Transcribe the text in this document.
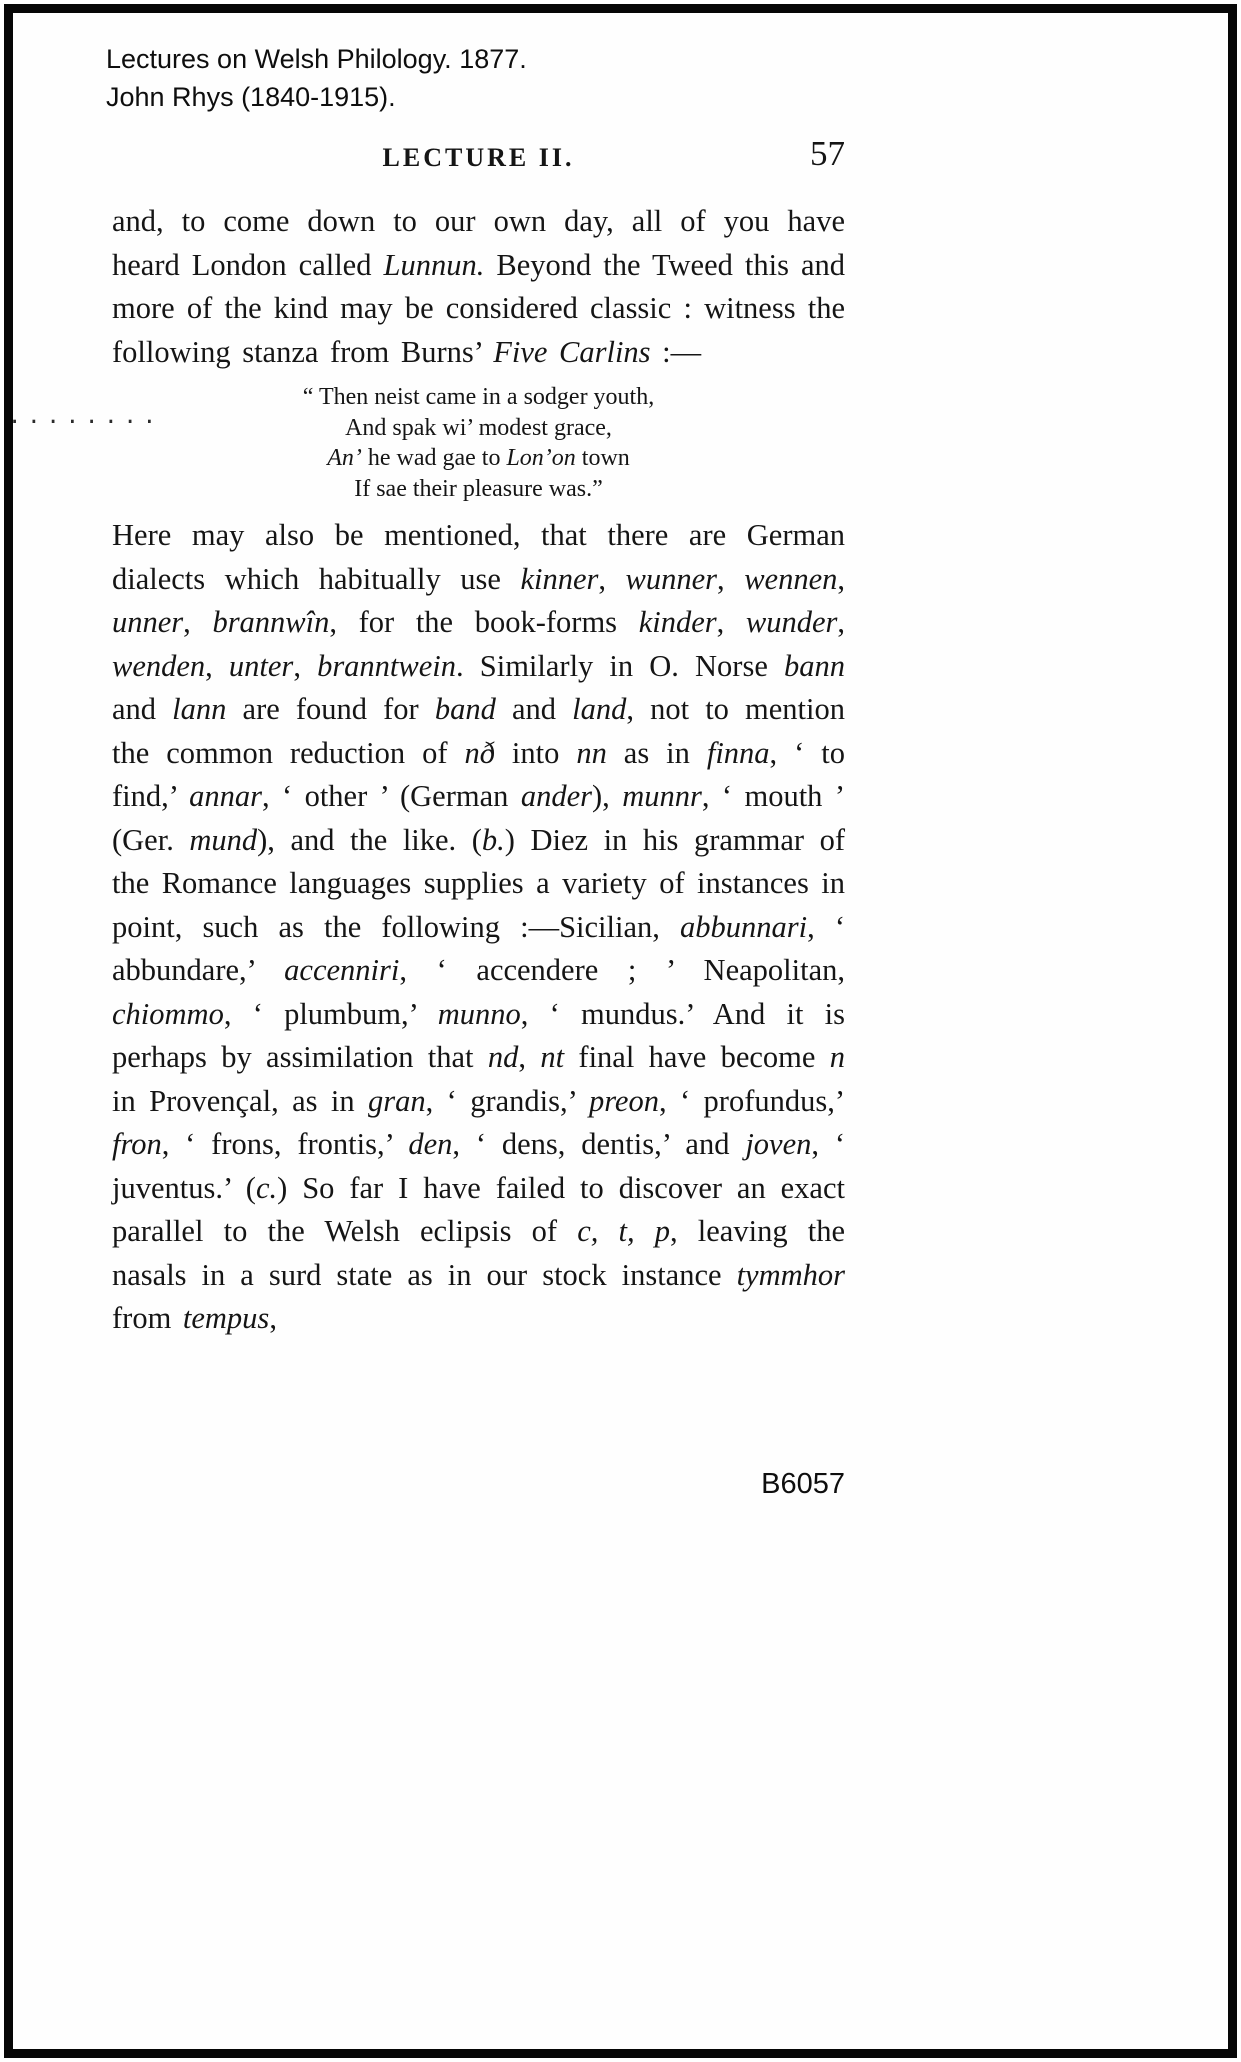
Lectures on Welsh Philology. 1877.
John Rhys (1840-1915).
LECTURE II.	57
........

and, to come down to our own day, all of you have heard London called Lunnun. Beyond the Tweed this and more of the kind may be considered classic : witness the following stanza from Burns’ Five Carlins :—

“ Then neist came in a sodger youth,
And spak wi’ modest grace,
An’ he wad gae to Lon’on town
If sae their pleasure was.”

Here may also be mentioned, that there are German dialects which habitually use kinner, wunner, wennen, unner, brannwîn, for the book-forms kinder, wunder, wenden, unter, branntwein. Similarly in O. Norse bann and lann are found for band and land, not to mention the common reduction of nð into nn as in finna, ‘ to find,’ annar, ‘ other ’ (German ander), munnr, ‘ mouth ’ (Ger. mund), and the like. (b.) Diez in his grammar of the Romance languages supplies a variety of instances in point, such as the following :—Sicilian, abbunnari, ‘ abbundare,’ accenniri, ‘ accendere ; ’ Neapolitan, chiommo, ‘ plumbum,’ munno, ‘ mundus.’ And it is perhaps by assimilation that nd, nt final have become n in Provençal, as in gran, ‘ grandis,’ preon, ‘ profundus,’ fron, ‘ frons, frontis,’ den, ‘ dens, dentis,’ and joven, ‘ juventus.’ (c.) So far I have failed to discover an exact parallel to the Welsh eclipsis of c, t, p, leaving the nasals in a surd state as in our stock instance tymmhor from tempus,

B6057
